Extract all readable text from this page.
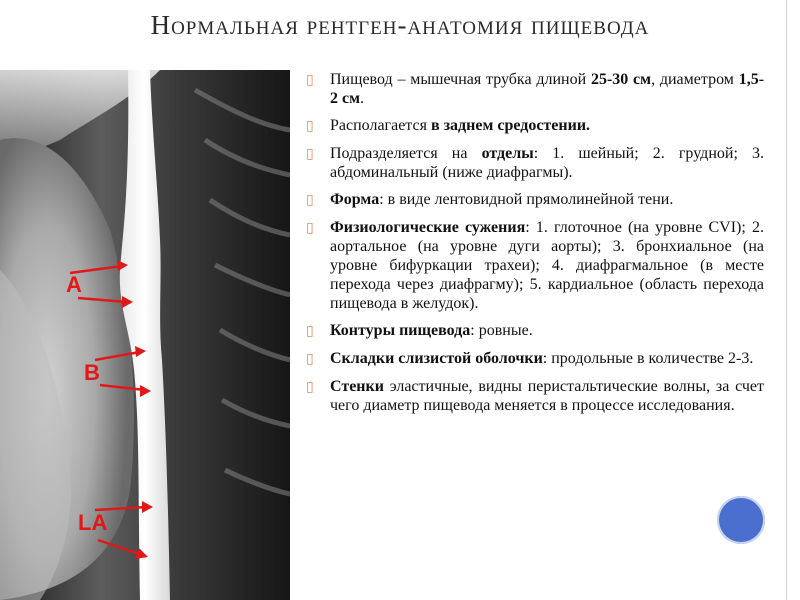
Нормальная рентген-анатомия пищевода
A
B
LA
▯	Пищевод – мышечная трубка длиной 25-30 см, диаметром 1,5-2 см.
▯	Располагается в заднем средостении.
▯	Подразделяется на отделы: 1. шейный; 2. грудной; 3. абдоминальный (ниже диафрагмы).
▯	Форма: в виде лентовидной прямолинейной тени.
▯	Физиологические сужения: 1. глоточное (на уровне CVI); 2. аортальное (на уровне дуги аорты); 3. бронхиальное (на уровне бифуркации трахеи); 4. диафрагмальное (в месте перехода через диафрагму); 5. кардиальное (область перехода пищевода в желудок).
▯	Контуры пищевода: ровные.
▯	Складки слизистой оболочки: продольные в количестве 2-3.
▯	Стенки эластичные, видны перистальтические волны, за счет чего диаметр пищевода меняется в процессе исследования.
